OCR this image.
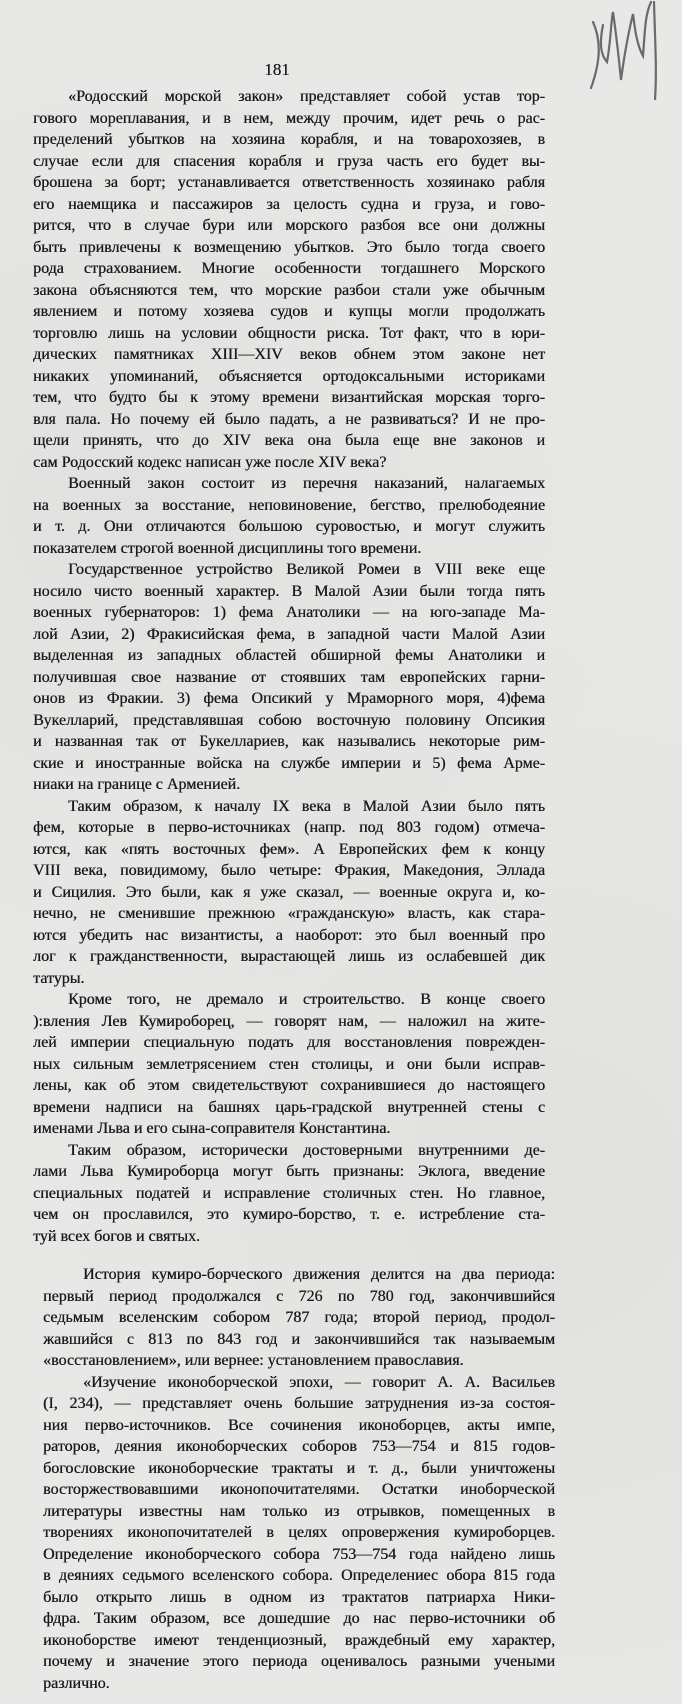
181
«Родосский морской закон» представляет собой устав тор-
гового мореплавания, и в нем, между прочим, идет речь о рас-
пределений убытков на хозяина корабля, и на товарохозяев, в
случае если для спасения корабля и груза часть его будет вы-
брошена за борт; устанавливается ответственность хозяинако рабля
его наемщика и пассажиров за целость судна и груза, и гово-
рится, что в случае бури или морского разбоя все они должны
быть привлечены к возмещению убытков. Это было тогда своего
рода страхованием. Многие особенности тогдашнего Морского
закона объясняются тем, что морские разбои стали уже обычным
явлением и потому хозяева судов и купцы могли продолжать
торговлю лишь на условии общности риска. Тот факт, что в юри-
дических памятниках XIII—XIV веков обнем этом законе нет
никаких упоминаний, объясняется ортодоксальными историками
тем, что будто бы к этому времени византийская морская торго-
вля пала. Но почему ей было падать, а не развиваться? И не про-
щели принять, что до XIV века она была еще вне законов и
сам Родосский кодекс написан уже после XIV века?
Военный закон состоит из перечня наказаний, налагаемых
на военных за восстание, неповиновение, бегство, прелюбодеяние
и т. д. Они отличаются большою суровостью, и могут служить
показателем строгой военной дисциплины того времени.
Государственное устройство Великой Ромеи в VIII веке еще
носило чисто военный характер. В Малой Азии были тогда пять
военных губернаторов: 1) фема Анатолики — на юго-западе Ма-
лой Азии, 2) Фракисийская фема, в западной части Малой Азии
выделенная из западных областей обширной фемы Анатолики и
получившая свое название от стоявших там европейских гарни-
онов из Фракии. 3) фема Опсикий у Мраморного моря, 4)фема
Вукелларий, представлявшая собою восточную половину Опсикия
и названная так от Букеллариев, как назывались некоторые рим-
ские и иностранные войска на службе империи и 5) фема Арме-
ниаки на границе с Арменией.
Таким образом, к началу IX века в Малой Азии было пять
фем, которые в перво-источниках (напр. под 803 годом) отмеча-
ются, как «пять восточных фем». А Европейских фем к концу
VIII века, повидимому, было четыре: Фракия, Македония, Эллада
и Сицилия. Это были, как я уже сказал, — военные округа и, ко-
нечно, не сменившие прежнюю «гражданскую» власть, как стара-
ются убедить нас византисты, а наоборот: это был военный про
лог к гражданственности, вырастающей лишь из ослабевшей дик
татуры.
Кроме того, не дремало и строительство. В конце своего
):вления Лев Кумироборец, — говорят нам, — наложил на жите-
лей империи специальную подать для восстановления поврежден-
ных сильным землетрясением стен столицы, и они были исправ-
лены, как об этом свидетельствуют сохранившиеся до настоящего
времени надписи на башнях царь-градской внутренней стены с
именами Льва и его сына-соправителя Константина.
Таким образом, исторически достоверными внутренними де-
лами Льва Кумироборца могут быть признаны: Эклога, введение
специальных податей и исправление столичных стен. Но главное,
чем он прославился, это кумиро-борство, т. е. истребление ста-
туй всех богов и святых.
История кумиро-борческого движения делится на два периода:
первый период продолжался с 726 по 780 год, закончившийся
седьмым вселенским собором 787 года; второй период, продол-
жавшийся с 813 по 843 год и закончившийся так называемым
«восстановлением», или вернее: установлением православия.
«Изучение иконоборческой эпохи, — говорит А. А. Васильев
(I, 234), — представляет очень большие затруднения из-за состоя-
ния перво-источников. Все сочинения иконоборцев, акты импе,
раторов, деяния иконоборческих соборов 753—754 и 815 годов-
богословские иконоборческие трактаты и т. д., были уничтожены
восторжествовавшими иконопочитателями. Остатки иноборческой
литературы известны нам только из отрывков, помещенных в
творениях иконопочитателей в целях опровержения кумироборцев.
Определение иконоборческого собора 753—754 года найдено лишь
в деяниях седьмого вселенского собора. Определениес обора 815 года
было открыто лишь в одном из трактатов патриарха Ники-
фдра. Таким образом, все дошедшие до нас перво-источники об
иконоборстве имеют тенденциозный, враждебный ему характер,
почему и значение этого периода оценивалось разными учеными
различно.
